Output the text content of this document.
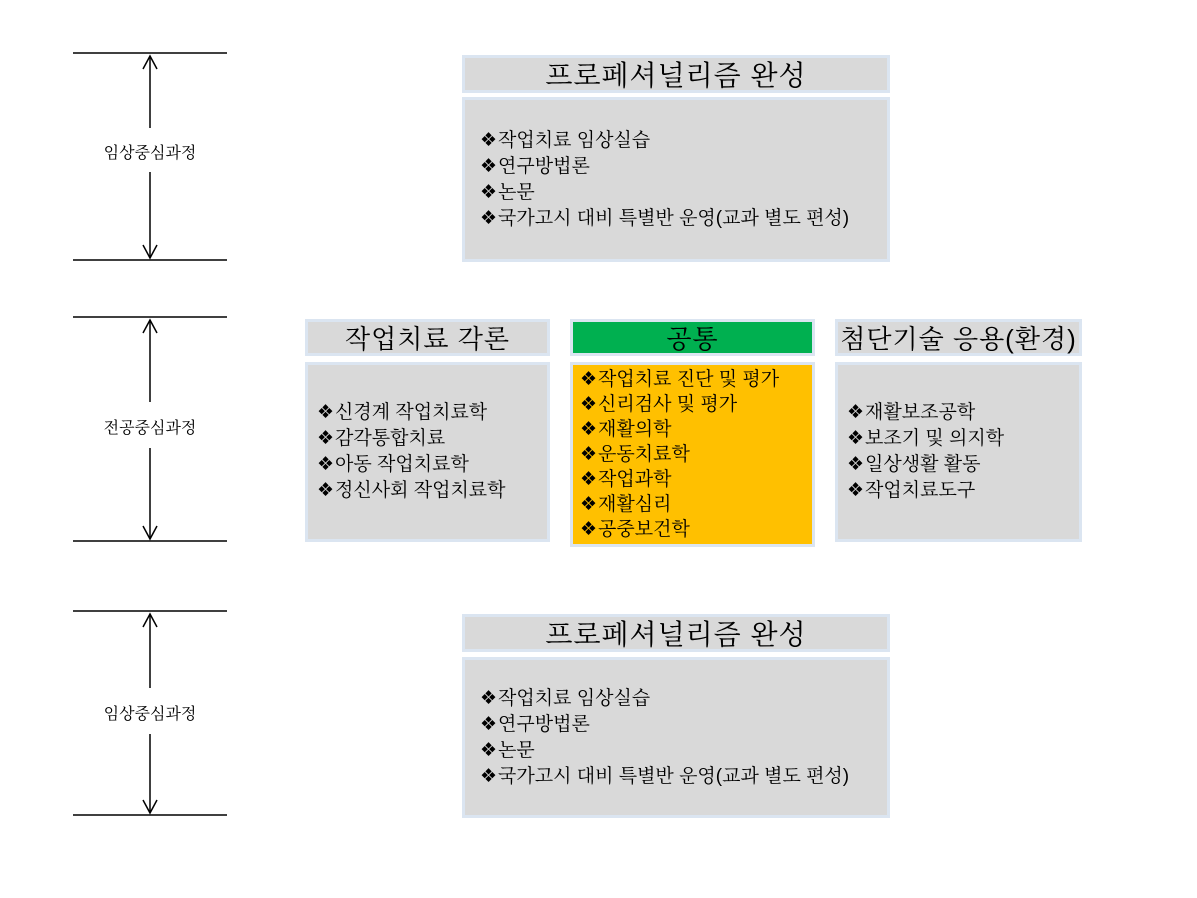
임상중심과정
전공중심과정
임상중심과정
프로페셔널리즘 완성
❖ 작업치료 임상실습
❖ 연구방법론
❖ 논문
❖ 국가고시 대비 특별반 운영(교과 별도 편성)
작업치료 각론
❖ 신경계 작업치료학
❖ 감각통합치료
❖ 아동 작업치료학
❖ 정신사회 작업치료학
공통
❖ 작업치료 진단 및 평가
❖ 신리검사 및 평가
❖ 재활의학
❖ 운동치료학
❖ 작업과학
❖ 재활심리
❖ 공중보건학
첨단기술 응용(환경)
❖ 재활보조공학
❖ 보조기 및 의지학
❖ 일상생활 활동
❖ 작업치료도구
프로페셔널리즘 완성
❖ 작업치료 임상실습
❖ 연구방법론
❖ 논문
❖ 국가고시 대비 특별반 운영(교과 별도 편성)
